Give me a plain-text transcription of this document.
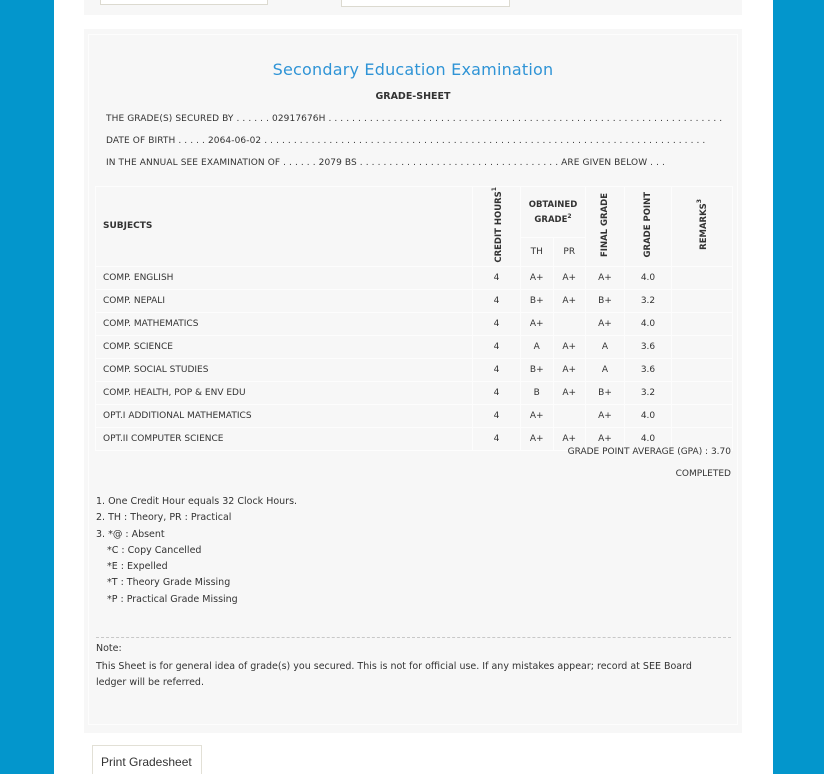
Secondary Education Examination
GRADE-SHEET
THE GRADE(S) SECURED BY . . . . . . 02917676H . . . . . . . . . . . . . . . . . . . . . . . . . . . . . . . . . . . . . . . . . . . . . . . . . . . . . . . . . . . . . . . . . . .
DATE OF BIRTH . . . . . 2064-06-02 . . . . . . . . . . . . . . . . . . . . . . . . . . . . . . . . . . . . . . . . . . . . . . . . . . . . . . . . . . . . . . . . . . . . . . . . . . .
IN THE ANNUAL SEE EXAMINATION OF . . . . . . 2079 BS . . . . . . . . . . . . . . . . . . . . . . . . . . . . . . . . . . ARE GIVEN BELOW . . .
SUBJECTS	CREDIT HOURS$^1$	OBTAINED GRADE$^2$		FINAL GRADE	GRADE POINT	REMARKS$^3$
		TH	PR			
COMP. ENGLISH	4	A+	A+	A+	4.0	
COMP. NEPALI	4	B+	A+	B+	3.2	
COMP. MATHEMATICS	4	A+		A+	4.0	
COMP. SCIENCE	4	A	A+	A	3.6	
COMP. SOCIAL STUDIES	4	B+	A+	A	3.6	
COMP. HEALTH, POP & ENV EDU	4	B	A+	B+	3.2	
OPT.I ADDITIONAL MATHEMATICS	4	A+		A+	4.0	
OPT.II COMPUTER SCIENCE	4	A+	A+	A+	4.0	
GRADE POINT AVERAGE (GPA) : 3.70
COMPLETED
1. One Credit Hour equals 32 Clock Hours.
2. TH : Theory, PR : Practical
3. *@ : Absent
*C : Copy Cancelled
*E : Expelled
*T : Theory Grade Missing
*P : Practical Grade Missing
Note:
This Sheet is for general idea of grade(s) you secured. This is not for official use. If any mistakes appear; record at SEE Board ledger will be referred.
Print Gradesheet
